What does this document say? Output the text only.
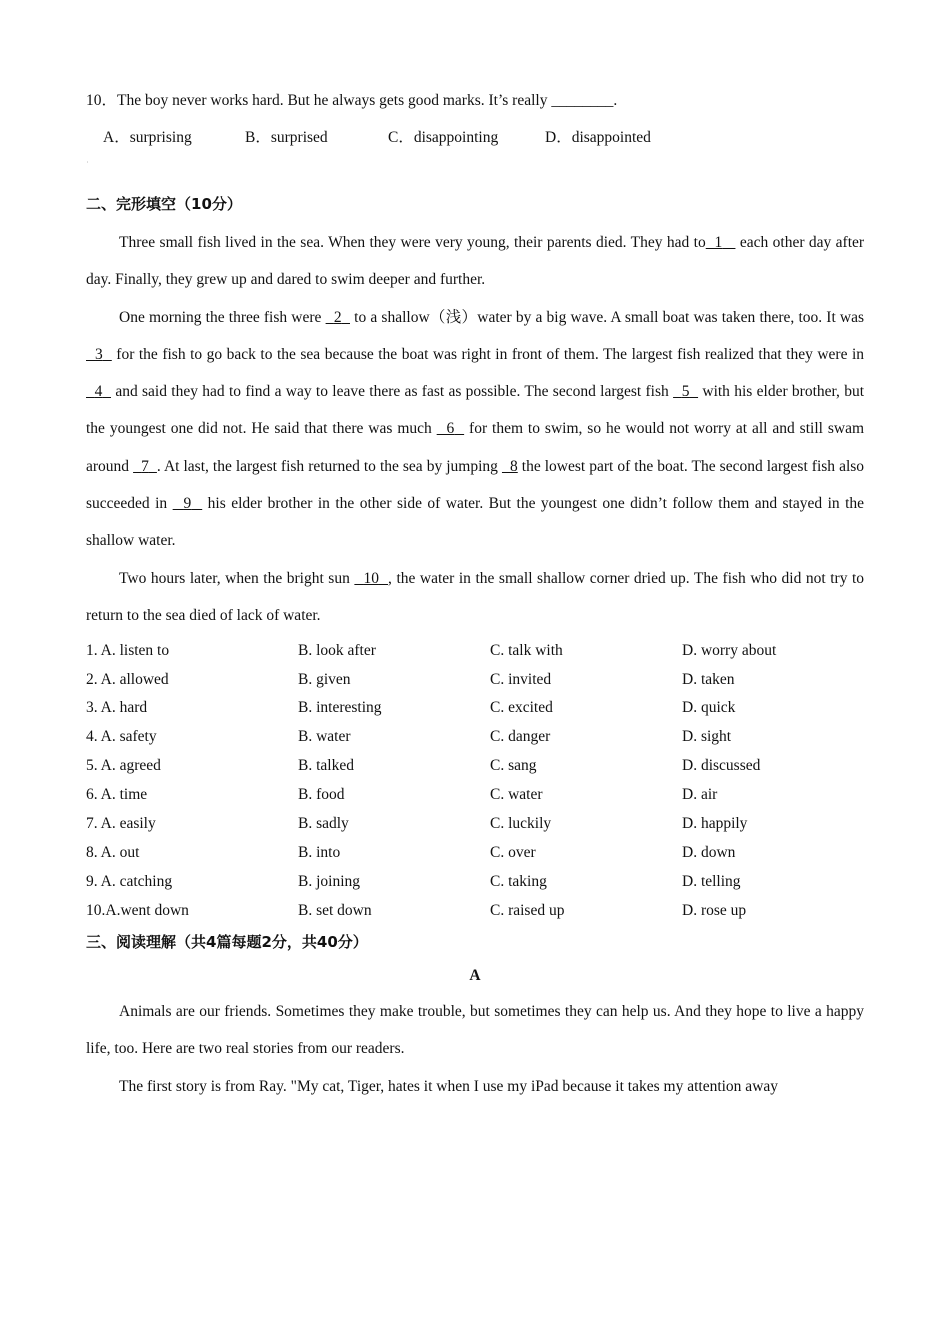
10．The boy never works hard. But he always gets good marks. It’s really ________.
A．surprising	B．surprised	C．disappointing	D．disappointed
˙
二、完形填空（10分）

Three small fish lived in the sea. When they were very young, their parents died. They had to 1 each other day after day. Finally, they grew up and dared to swim deeper and further.

One morning the three fish were 2 to a shallow（浅）water by a big wave. A small boat was taken there, too. It was   3 for the fish to go back to the sea because the boat was right in front of them. The largest fish realized that they were in   4 and said they had to find a way to leave there as fast as possible. The second largest fish 5 with his elder brother, but the youngest one did not. He said that there was much 6 for them to swim, so he would not worry at all and still swam around 7 . At last, the largest fish returned to the sea by jumping 8 the lowest part of the boat. The second largest fish also succeeded in 9 his elder brother in the other side of water. But the youngest one didn’t follow them and stayed in the shallow water.

Two hours later, when the bright sun 10 , the water in the small shallow corner dried up. The fish who did not try to return to the sea died of lack of water.

1. A. listen to	B. look after	C. talk with	D. worry about
2. A. allowed	B. given	C. invited	D. taken
3. A. hard	B. interesting	C. excited	D. quick
4. A. safety	B. water	C. danger	D. sight
5. A. agreed	B. talked	C. sang	D. discussed
6. A. time	B. food	C. water	D. air
7. A. easily	B. sadly	C. luckily	D. happily
8. A. out	B. into	C. over	D. down
9. A. catching	B. joining	C. taking	D. telling
10.A.went down	B. set down	C. raised up	D. rose up
三、阅读理解（共4篇每题2分，共40分）
A

Animals are our friends. Sometimes they make trouble, but sometimes they can help us. And they hope to live a happy life, too. Here are two real stories from our readers.

The first story is from Ray. "My cat, Tiger, hates it when I use my iPad because it takes my attention away
